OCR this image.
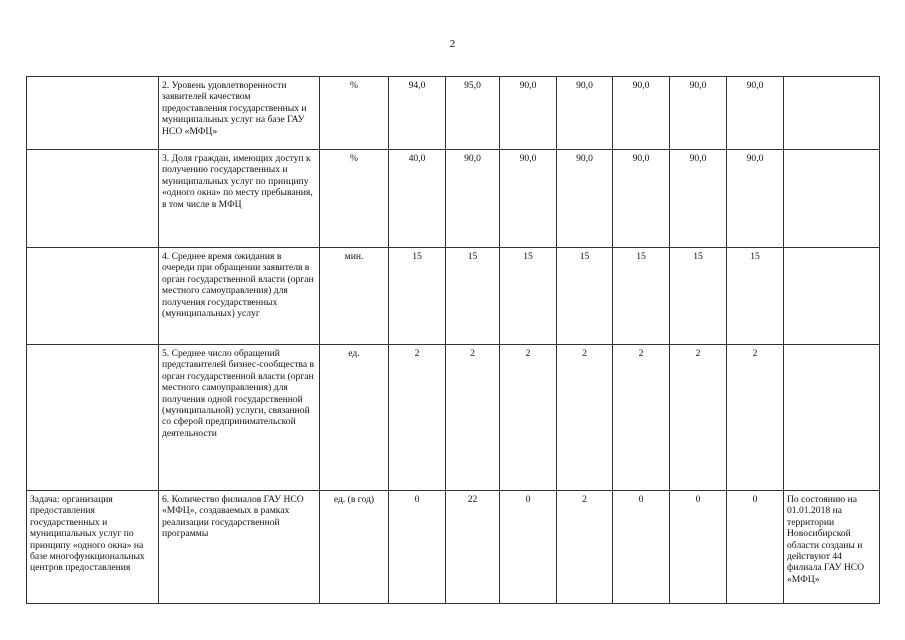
2
	2. Уровень удовлетворенности заявителей качеством предоставления государственных и муниципальных услуг на базе ГАУ НСО «МФЦ»	%	94,0	95,0	90,0	90,0	90,0	90,0	90,0	
	3. Доля граждан, имеющих доступ к получению государственных и муниципальных услуг по принципу «одного окна» по месту пребывания, в том числе в МФЦ	%	40,0	90,0	90,0	90,0	90,0	90,0	90,0	
	4. Среднее время ожидания в очереди при обращении заявителя в орган государственной власти (орган местного самоуправления) для получения государственных (муниципальных) услуг	мин.	15	15	15	15	15	15	15	
	5. Среднее число обращений представителей бизнес-сообщества в орган государственной власти (орган местного самоуправления) для получения одной государственной (муниципальной) услуги, связанной со сферой предпринимательской деятельности	ед.	2	2	2	2	2	2	2	
Задача: организация предоставления государственных и муниципальных услуг по принципу «одного окна» на базе многофункциональных центров предоставления	6. Количество филиалов ГАУ НСО «МФЦ», создаваемых в рамках реализации государственной программы	ед. (в год)	0	22	0	2	0	0	0	По состоянию на 01.01.2018 на территории Новосибирской области созданы и действуют 44 филиала ГАУ НСО «МФЦ»
